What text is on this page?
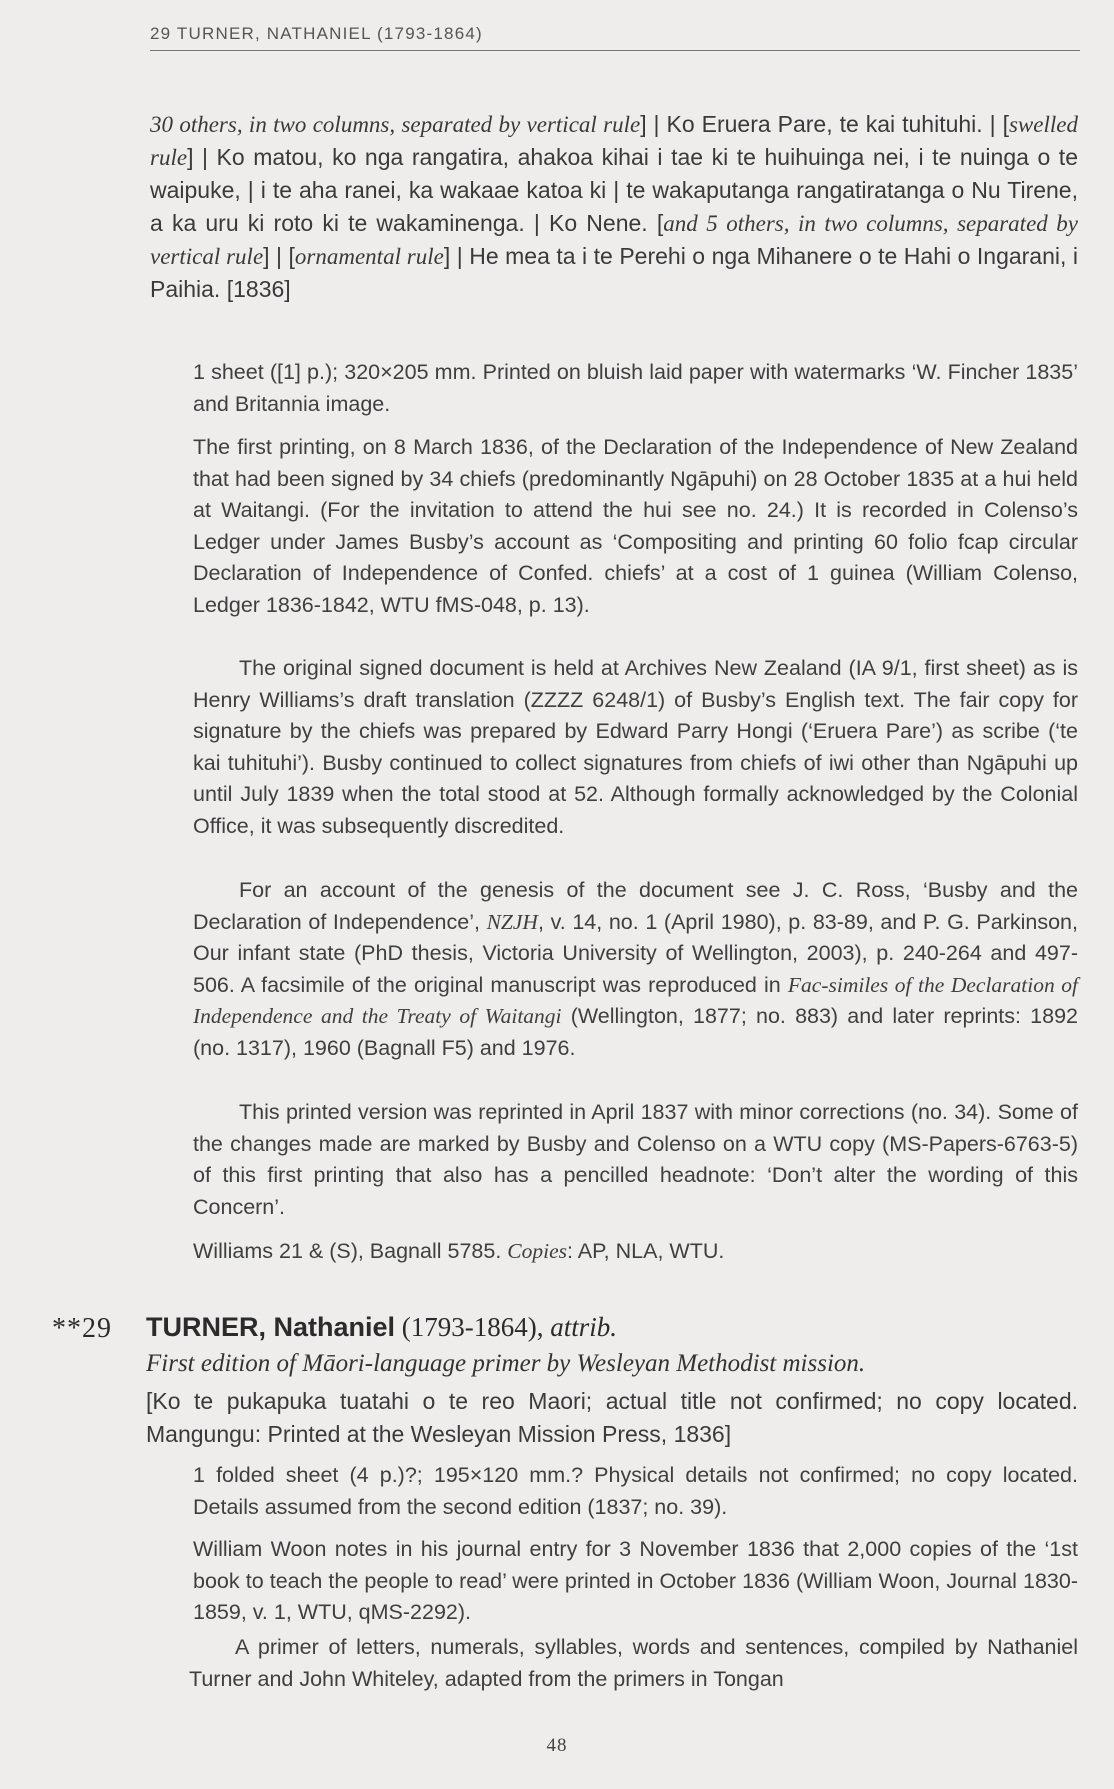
29 TURNER, NATHANIEL (1793-1864)
30 others, in two columns, separated by vertical rule] | Ko Eruera Pare, te kai tuhituhi. | [swelled rule] | Ko matou, ko nga rangatira, ahakoa kihai i tae ki te huihuinga nei, i te nuinga o te waipuke, | i te aha ranei, ka wakaae katoa ki | te wakaputanga rangatiratanga o Nu Tirene, a ka uru ki roto ki te wakaminenga. | Ko Nene. [and 5 others, in two columns, separated by vertical rule] | [ornamental rule] | He mea ta i te Perehi o nga Mihanere o te Hahi o Ingarani, i Paihia. [1836]
1 sheet ([1] p.); 320×205 mm. Printed on bluish laid paper with watermarks ‘W. Fincher 1835’ and Britannia image.
The first printing, on 8 March 1836, of the Declaration of the Independence of New Zealand that had been signed by 34 chiefs (predominantly Ngāpuhi) on 28 October 1835 at a hui held at Waitangi. (For the invitation to attend the hui see no. 24.) It is recorded in Colenso’s Ledger under James Busby’s account as ‘Compositing and printing 60 folio fcap circular Declaration of Independence of Confed. chiefs’ at a cost of 1 guinea (William Colenso, Ledger 1836-1842, WTU fMS-048, p. 13).
The original signed document is held at Archives New Zealand (IA 9/1, first sheet) as is Henry Williams’s draft translation (ZZZZ 6248/1) of Busby’s English text. The fair copy for signature by the chiefs was prepared by Edward Parry Hongi (‘Eruera Pare’) as scribe (‘te kai tuhituhi’). Busby continued to collect signatures from chiefs of iwi other than Ngāpuhi up until July 1839 when the total stood at 52. Although formally acknowledged by the Colonial Office, it was subsequently discredited.
For an account of the genesis of the document see J. C. Ross, ‘Busby and the Declaration of Independence’, NZJH, v. 14, no. 1 (April 1980), p. 83-89, and P. G. Parkinson, Our infant state (PhD thesis, Victoria University of Wellington, 2003), p. 240-264 and 497-506. A facsimile of the original manuscript was reproduced in Fac-similes of the Declaration of Independence and the Treaty of Waitangi (Wellington, 1877; no. 883) and later reprints: 1892 (no. 1317), 1960 (Bagnall F5) and 1976.
This printed version was reprinted in April 1837 with minor corrections (no. 34). Some of the changes made are marked by Busby and Colenso on a WTU copy (MS-Papers-6763-5) of this first printing that also has a pencilled headnote: ‘Don’t alter the wording of this Concern’.
Williams 21 & (S), Bagnall 5785. Copies: AP, NLA, WTU.
**29 TURNER, Nathaniel (1793-1864), attrib.
First edition of Māori-language primer by Wesleyan Methodist mission.
[Ko te pukapuka tuatahi o te reo Maori; actual title not confirmed; no copy located. Mangungu: Printed at the Wesleyan Mission Press, 1836]
1 folded sheet (4 p.)?; 195×120 mm.? Physical details not confirmed; no copy located. Details assumed from the second edition (1837; no. 39).
William Woon notes in his journal entry for 3 November 1836 that 2,000 copies of the ‘1st book to teach the people to read’ were printed in October 1836 (William Woon, Journal 1830-1859, v. 1, WTU, qMS-2292).
A primer of letters, numerals, syllables, words and sentences, compiled by Nathaniel Turner and John Whiteley, adapted from the primers in Tongan
48
